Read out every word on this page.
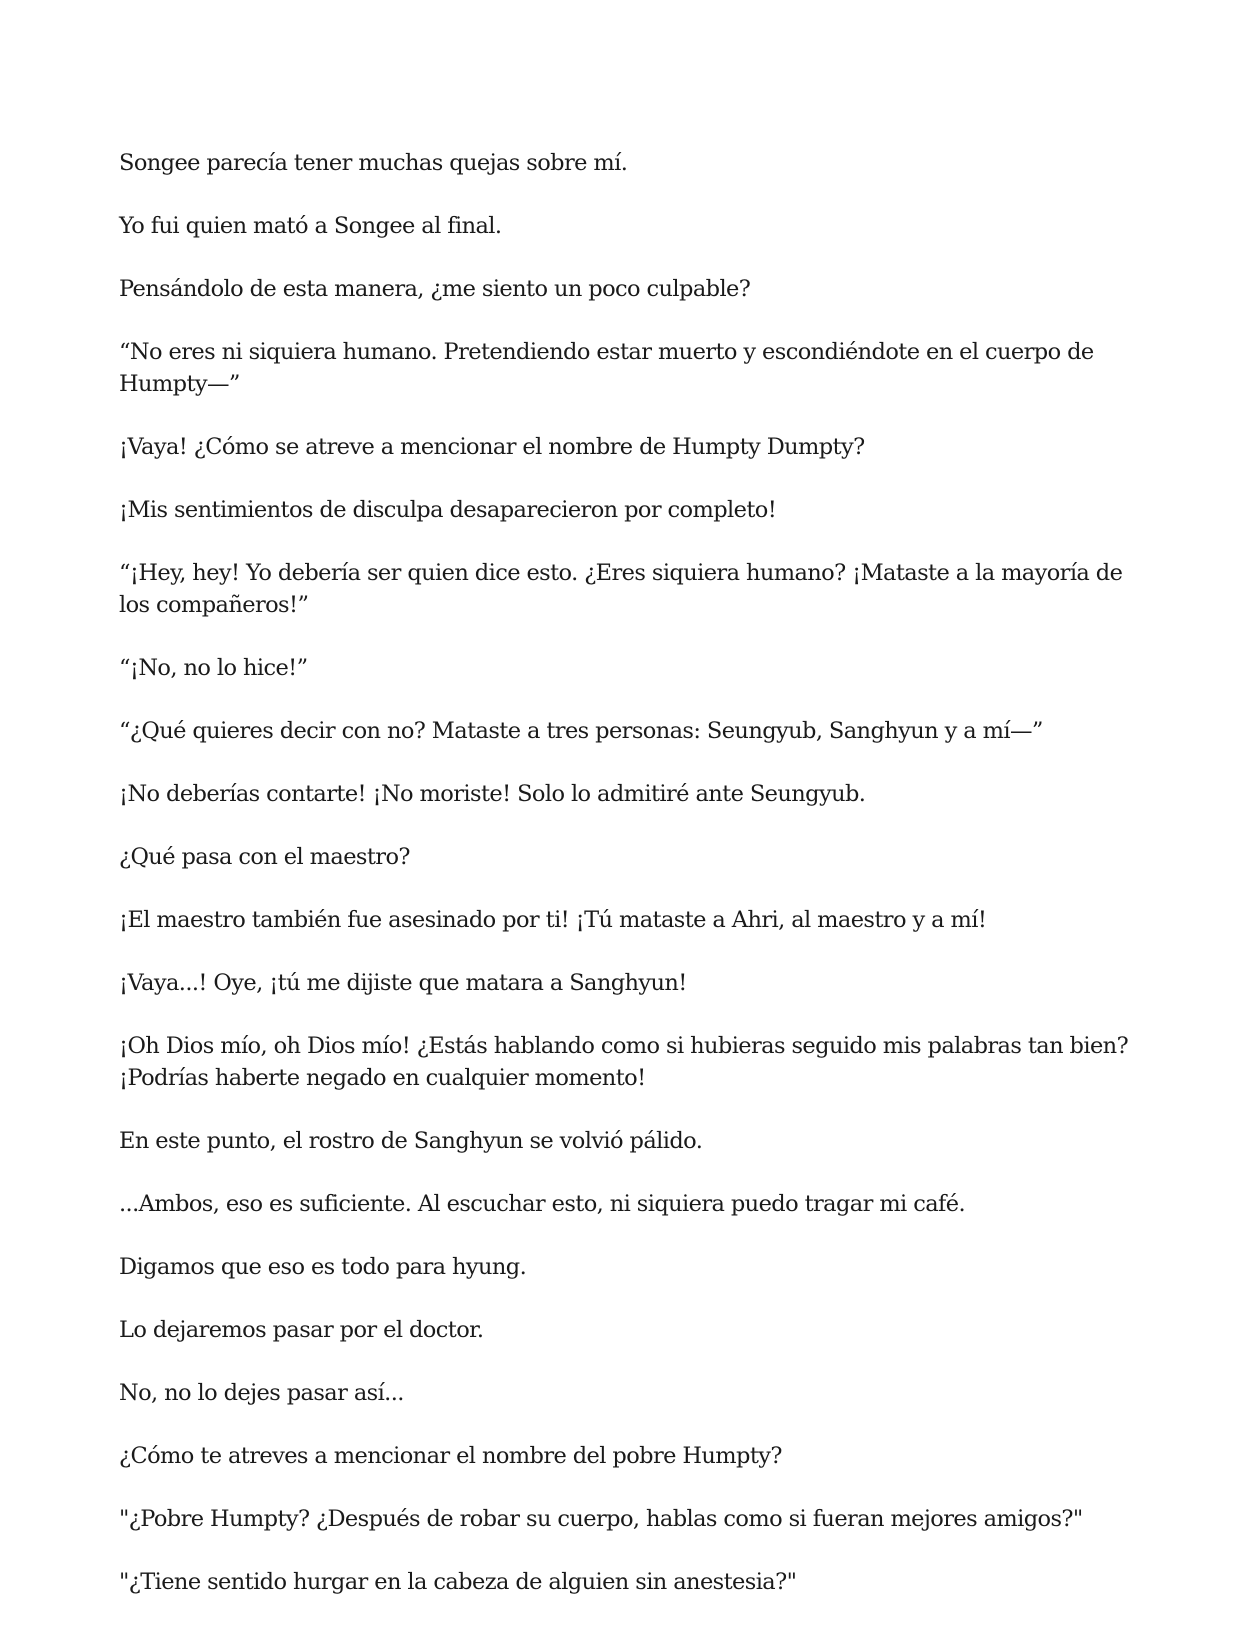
Songee parecía tener muchas quejas sobre mí.

Yo fui quien mató a Songee al final.

Pensándolo de esta manera, ¿me siento un poco culpable?

“No eres ni siquiera humano. Pretendiendo estar muerto y escondiéndote en el cuerpo de Humpty—”

¡Vaya! ¿Cómo se atreve a mencionar el nombre de Humpty Dumpty?

¡Mis sentimientos de disculpa desaparecieron por completo!

“¡Hey, hey! Yo debería ser quien dice esto. ¿Eres siquiera humano? ¡Mataste a la mayoría de los compañeros!”

“¡No, no lo hice!”

“¿Qué quieres decir con no? Mataste a tres personas: Seungyub, Sanghyun y a mí—”

¡No deberías contarte! ¡No moriste! Solo lo admitiré ante Seungyub.

¿Qué pasa con el maestro?

¡El maestro también fue asesinado por ti! ¡Tú mataste a Ahri, al maestro y a mí!

¡Vaya...! Oye, ¡tú me dijiste que matara a Sanghyun!

¡Oh Dios mío, oh Dios mío! ¿Estás hablando como si hubieras seguido mis palabras tan bien? ¡Podrías haberte negado en cualquier momento!

En este punto, el rostro de Sanghyun se volvió pálido.

...Ambos, eso es suficiente. Al escuchar esto, ni siquiera puedo tragar mi café.

Digamos que eso es todo para hyung.

Lo dejaremos pasar por el doctor.

No, no lo dejes pasar así...

¿Cómo te atreves a mencionar el nombre del pobre Humpty?

"¿Pobre Humpty? ¿Después de robar su cuerpo, hablas como si fueran mejores amigos?"

"¿Tiene sentido hurgar en la cabeza de alguien sin anestesia?"
